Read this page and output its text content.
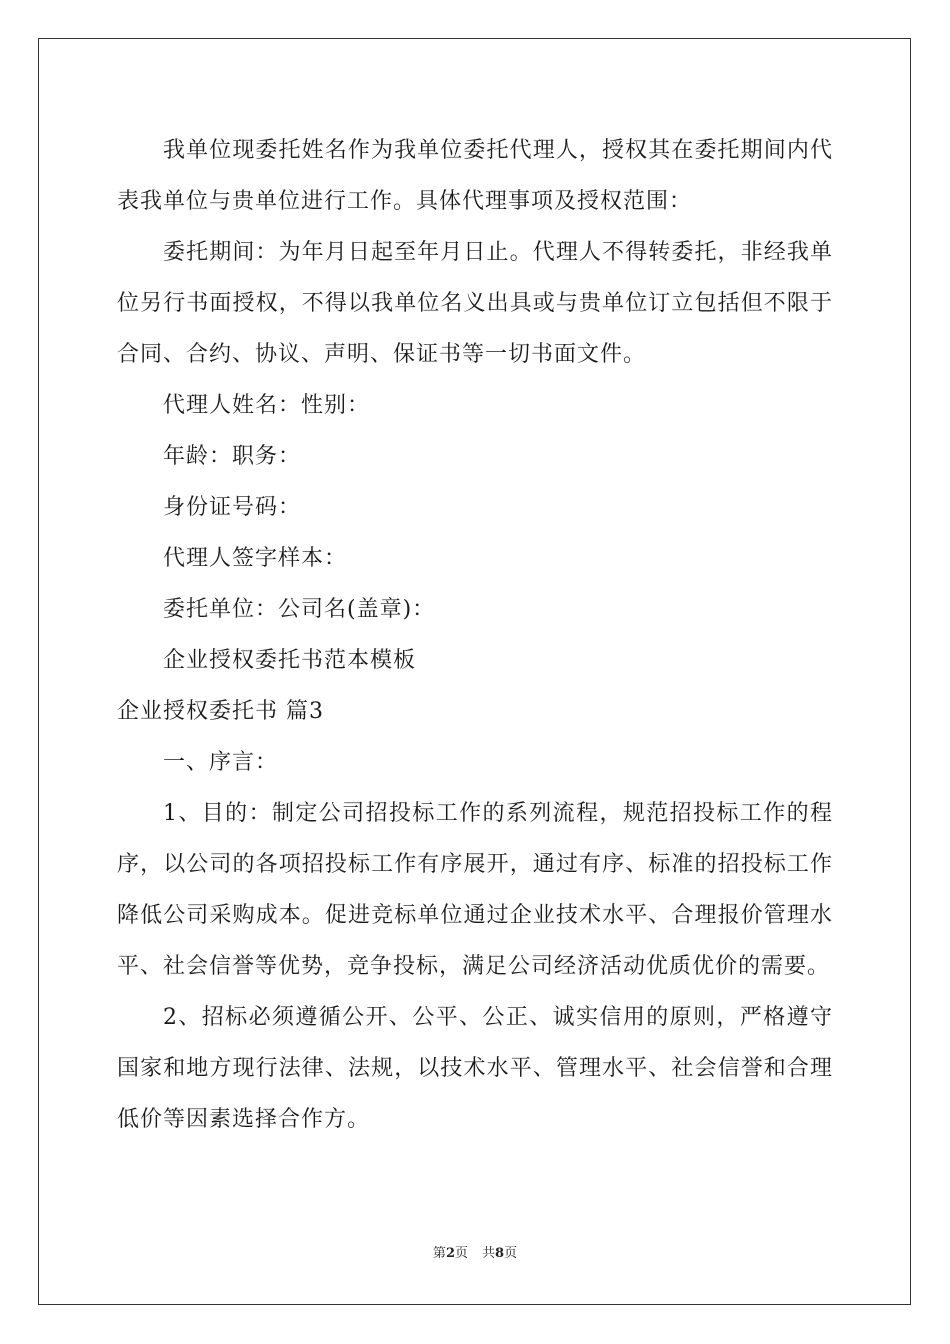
我单位现委托姓名作为我单位委托代理人，授权其在委托期间内代表我单位与贵单位进行工作。具体代理事项及授权范围：

委托期间：为年月日起至年月日止。代理人不得转委托，非经我单位另行书面授权，不得以我单位名义出具或与贵单位订立包括但不限于合同、合约、协议、声明、保证书等一切书面文件。

代理人姓名：性别：

年龄：职务：

身份证号码：

代理人签字样本：

委托单位：公司名(盖章)：

企业授权委托书范本模板

企业授权委托书 篇3

一、序言：

1、目的：制定公司招投标工作的系列流程，规范招投标工作的程序，以公司的各项招投标工作有序展开，通过有序、标准的招投标工作降低公司采购成本。促进竞标单位通过企业技术水平、合理报价管理水平、社会信誉等优势，竞争投标，满足公司经济活动优质优价的需要。

2、招标必须遵循公开、公平、公正、诚实信用的原则，严格遵守国家和地方现行法律、法规，以技术水平、管理水平、社会信誉和合理低价等因素选择合作方。

第2页 共8页
